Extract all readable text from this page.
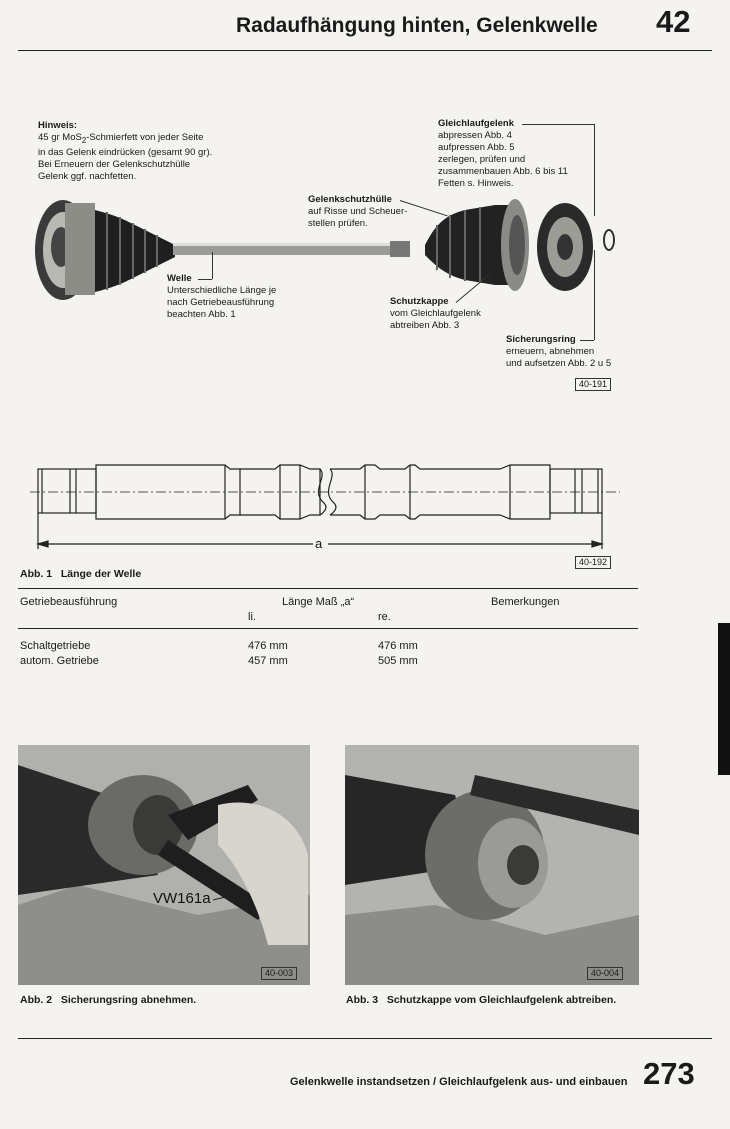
Radaufhängung hinten, Gelenkwelle 42
Hinweis:
45 gr MoS$_2$-Schmierfett von jeder Seite
in das Gelenk eindrücken (gesamt 90 gr).
Bei Erneuern der Gelenkschutzhülle
Gelenk ggf. nachfetten.
Gleichlaufgelenk
abpressen Abb. 4
aufpressen Abb. 5
zerlegen, prüfen und
zusammenbauen Abb. 6 bis 11
Fetten s. Hinweis.
Gelenkschutzhülle
auf Risse und Scheuer-
stellen prüfen.
Welle
Unterschiedliche Länge je
nach Getriebeausführung
beachten Abb. 1
Schutzkappe
vom Gleichlaufgelenk
abtreiben Abb. 3
Sicherungsring
erneuern, abnehmen
und aufsetzen Abb. 2 u 5
40-191
a
40-192
Abb. 1   Länge der Welle
Getriebeausführung	Länge Maß „a“	Bemerkungen
li.	re.
Schaltgetriebe	476 mm	476 mm
autom. Getriebe	457 mm	505 mm
VW161a
40-003
Abb. 2   Sicherungsring abnehmen.
40-004
Abb. 3   Schutzkappe vom Gleichlaufgelenk abtreiben.
Gelenkwelle instandsetzen / Gleichlaufgelenk aus- und einbauen 273
